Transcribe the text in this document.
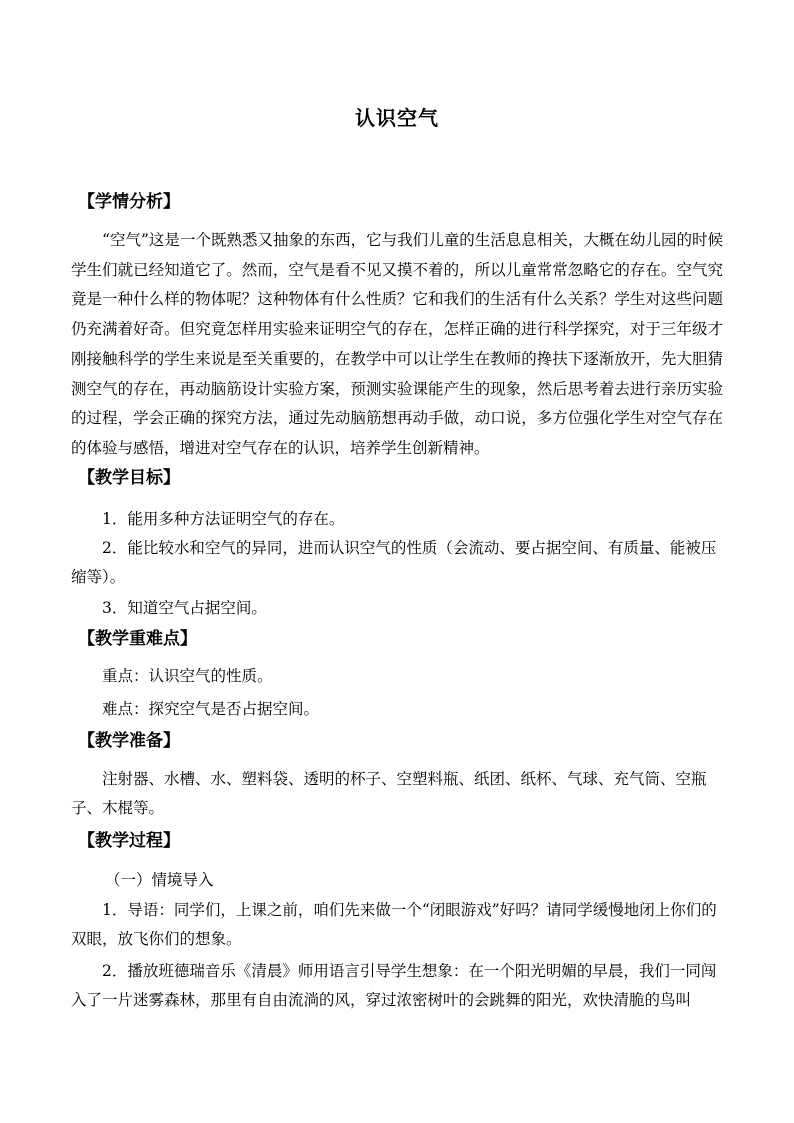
认识空气
【学情分析】
“空气”这是一个既熟悉又抽象的东西，它与我们儿童的生活息息相关，大概在幼儿园的时候学生们就已经知道它了。然而，空气是看不见又摸不着的，所以儿童常常忽略它的存在。空气究竟是一种什么样的物体呢？这种物体有什么性质？它和我们的生活有什么关系？学生对这些问题仍充满着好奇。但究竟怎样用实验来证明空气的存在，怎样正确的进行科学探究，对于三年级才刚接触科学的学生来说是至关重要的，在教学中可以让学生在教师的搀扶下逐渐放开，先大胆猜测空气的存在，再动脑筋设计实验方案，预测实验课能产生的现象，然后思考着去进行亲历实验的过程，学会正确的探究方法，通过先动脑筋想再动手做，动口说，多方位强化学生对空气存在的体验与感悟，增进对空气存在的认识，培养学生创新精神。
【教学目标】
1．能用多种方法证明空气的存在。
2．能比较水和空气的异同，进而认识空气的性质（会流动、要占据空间、有质量、能被压缩等）。
3．知道空气占据空间。
【教学重难点】
重点：认识空气的性质。
难点：探究空气是否占据空间。
【教学准备】
注射器、水槽、水、塑料袋、透明的杯子、空塑料瓶、纸团、纸杯、气球、充气筒、空瓶子、木棍等。
【教学过程】
（一）情境导入
1．导语：同学们，上课之前，咱们先来做一个“闭眼游戏”好吗？请同学缓慢地闭上你们的双眼，放飞你们的想象。
2．播放班德瑞音乐《清晨》师用语言引导学生想象：在一个阳光明媚的早晨，我们一同闯入了一片迷雾森林，那里有自由流淌的风，穿过浓密树叶的会跳舞的阳光，欢快清脆的鸟叫
